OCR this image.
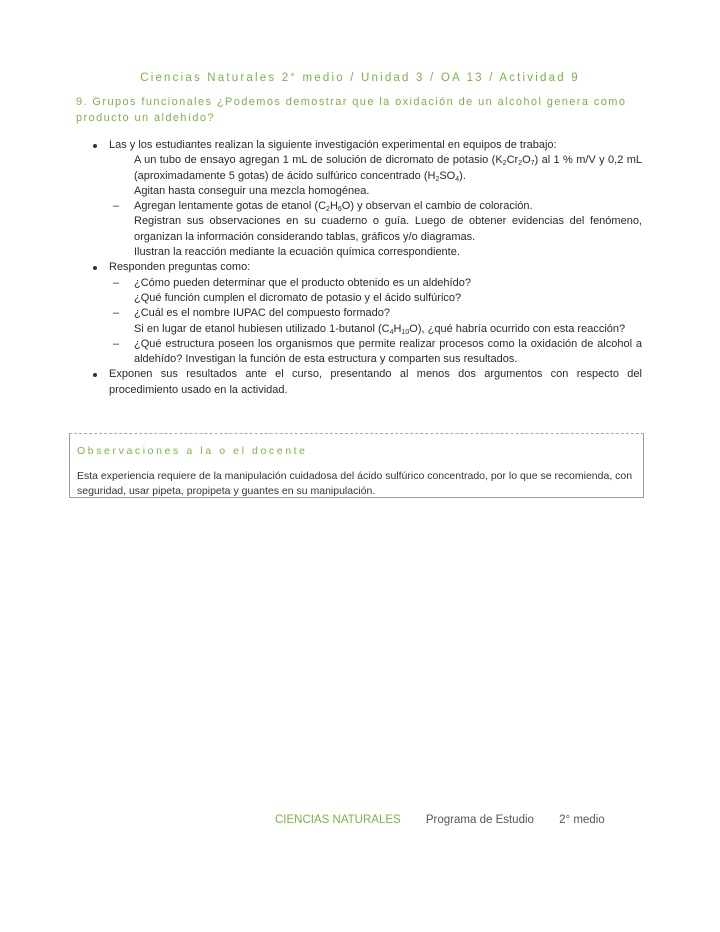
Ciencias Naturales 2° medio / Unidad 3 / OA 13 / Actividad 9
9. Grupos funcionales ¿Podemos demostrar que la oxidación de un alcohol genera como producto un aldehído?
Las y los estudiantes realizan la siguiente investigación experimental en equipos de trabajo:
A un tubo de ensayo agregan 1 mL de solución de dicromato de potasio $(K_2Cr_2O_7)$ al 1 % m/V y 0,2 mL (aproximadamente 5 gotas) de ácido sulfúrico concentrado $(H_2SO_4)$.
Agitan hasta conseguir una mezcla homogénea.
– Agregan lentamente gotas de etanol $(C_2H_6O)$ y observan el cambio de coloración.
Registran sus observaciones en su cuaderno o guía. Luego de obtener evidencias del fenómeno, organizan la información considerando tablas, gráficos y/o diagramas.
Ilustran la reacción mediante la ecuación química correspondiente.
Responden preguntas como:
– ¿Cómo pueden determinar que el producto obtenido es un aldehído?
¿Qué función cumplen el dicromato de potasio y el ácido sulfúrico?
– ¿Cuál es el nombre IUPAC del compuesto formado?
Si en lugar de etanol hubiesen utilizado 1-butanol $(C_4H_{10}O)$, ¿qué habría ocurrido con esta reacción?
– ¿Qué estructura poseen los organismos que permite realizar procesos como la oxidación de alcohol a aldehído? Investigan la función de esta estructura y comparten sus resultados.
Exponen sus resultados ante el curso, presentando al menos dos argumentos con respecto del procedimiento usado en la actividad.
Observaciones a la o el docente
Esta experiencia requiere de la manipulación cuidadosa del ácido sulfúrico concentrado, por lo que se recomienda, con seguridad, usar pipeta, propipeta y guantes en su manipulación.
CIENCIAS NATURALES Programa de Estudio 2° medio
